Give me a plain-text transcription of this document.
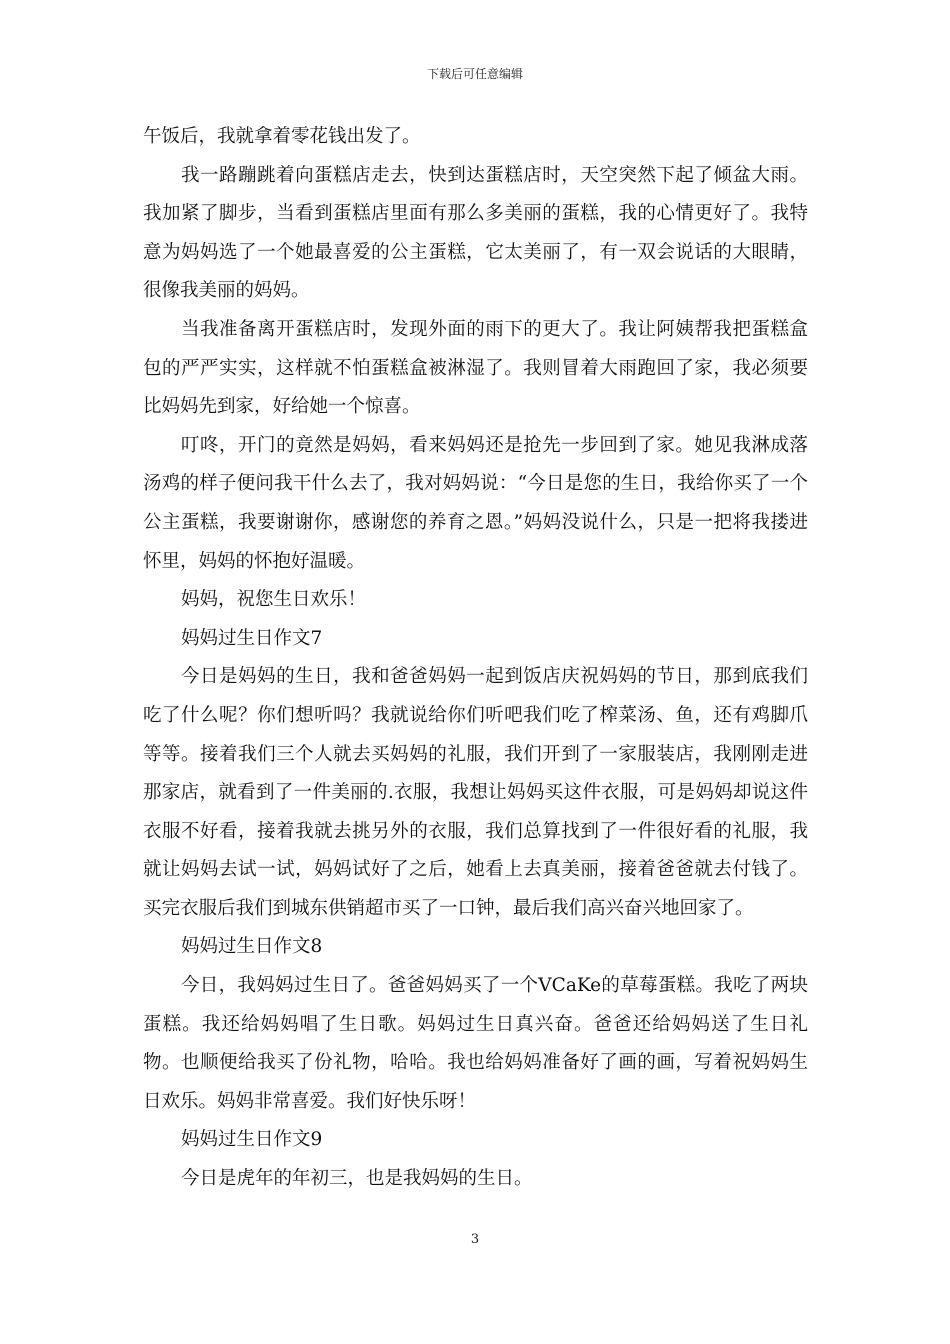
下载后可任意编辑

午饭后，我就拿着零花钱出发了。

我一路蹦跳着向蛋糕店走去，快到达蛋糕店时，天空突然下起了倾盆大雨。我加紧了脚步，当看到蛋糕店里面有那么多美丽的蛋糕，我的心情更好了。我特意为妈妈选了一个她最喜爱的公主蛋糕，它太美丽了，有一双会说话的大眼睛，很像我美丽的妈妈。

当我准备离开蛋糕店时，发现外面的雨下的更大了。我让阿姨帮我把蛋糕盒包的严严实实，这样就不怕蛋糕盒被淋湿了。我则冒着大雨跑回了家，我必须要比妈妈先到家，好给她一个惊喜。

叮咚，开门的竟然是妈妈，看来妈妈还是抢先一步回到了家。她见我淋成落汤鸡的样子便问我干什么去了，我对妈妈说：“今日是您的生日，我给你买了一个公主蛋糕，我要谢谢你，感谢您的养育之恩。”妈妈没说什么，只是一把将我搂进怀里，妈妈的怀抱好温暖。

妈妈，祝您生日欢乐！

妈妈过生日作文7

今日是妈妈的生日，我和爸爸妈妈一起到饭店庆祝妈妈的节日，那到底我们吃了什么呢？你们想听吗？我就说给你们听吧我们吃了榨菜汤、鱼，还有鸡脚爪等等。接着我们三个人就去买妈妈的礼服，我们开到了一家服装店，我刚刚走进那家店，就看到了一件美丽的.衣服，我想让妈妈买这件衣服，可是妈妈却说这件衣服不好看，接着我就去挑另外的衣服，我们总算找到了一件很好看的礼服，我就让妈妈去试一试，妈妈试好了之后，她看上去真美丽，接着爸爸就去付钱了。买完衣服后我们到城东供销超市买了一口钟，最后我们高兴奋兴地回家了。

妈妈过生日作文8

今日，我妈妈过生日了。爸爸妈妈买了一个VCaKe的草莓蛋糕。我吃了两块蛋糕。我还给妈妈唱了生日歌。妈妈过生日真兴奋。爸爸还给妈妈送了生日礼物。也顺便给我买了份礼物，哈哈。我也给妈妈准备好了画的画，写着祝妈妈生日欢乐。妈妈非常喜爱。我们好快乐呀！

妈妈过生日作文9

今日是虎年的年初三，也是我妈妈的生日。

3
